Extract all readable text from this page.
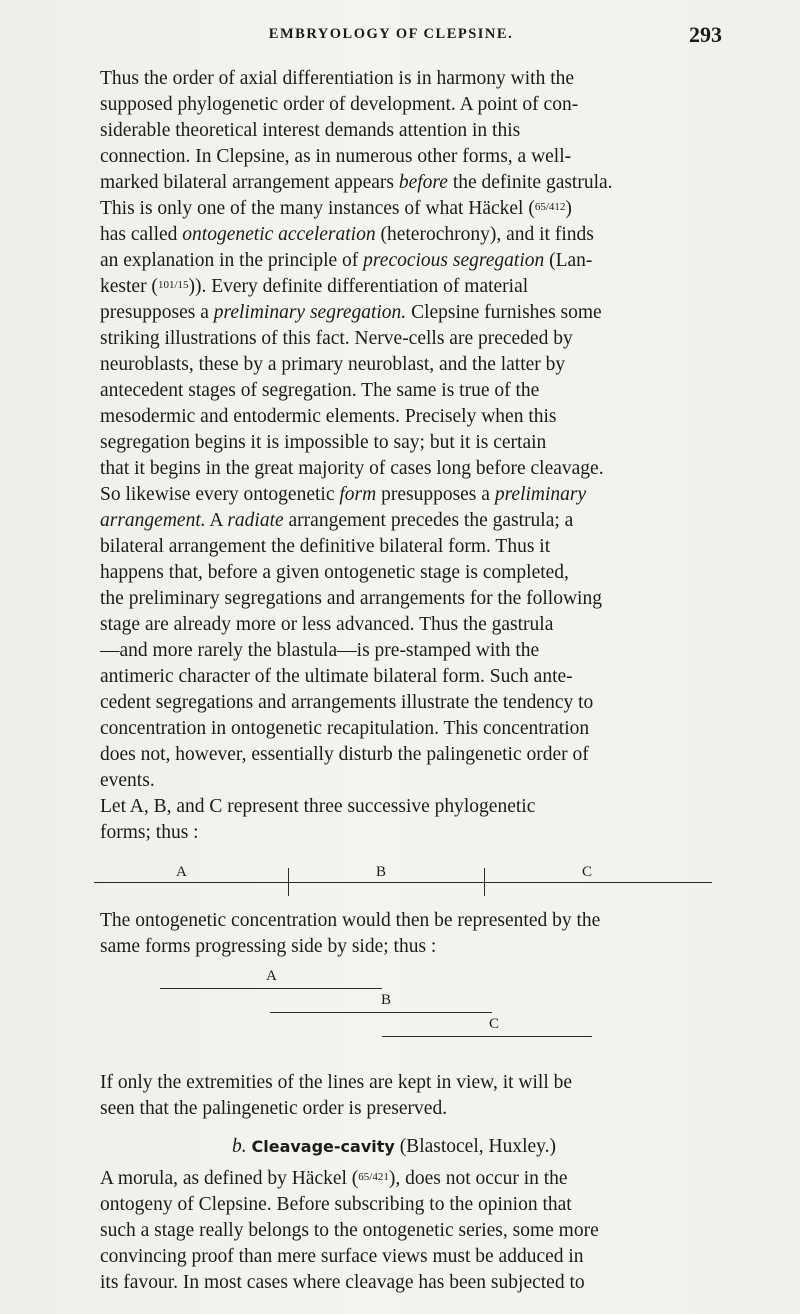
EMBRYOLOGY OF CLEPSINE.	293

Thus the order of axial differentiation is in harmony with the
supposed phylogenetic order of development. A point of con-
siderable theoretical interest demands attention in this
connection. In Clepsine, as in numerous other forms, a well-
marked bilateral arrangement appears before the definite gastrula.
This is only one of the many instances of what Häckel ($^{65/412}$)
has called ontogenetic acceleration (heterochrony), and it finds
an explanation in the principle of precocious segregation (Lan-
kester ($^{101/15}$)). Every definite differentiation of material
presupposes a preliminary segregation. Clepsine furnishes some
striking illustrations of this fact. Nerve-cells are preceded by
neuroblasts, these by a primary neuroblast, and the latter by
antecedent stages of segregation. The same is true of the
mesodermic and entodermic elements. Precisely when this
segregation begins it is impossible to say; but it is certain
that it begins in the great majority of cases long before cleavage.
So likewise every ontogenetic form presupposes a preliminary
arrangement. A radiate arrangement precedes the gastrula; a
bilateral arrangement the definitive bilateral form. Thus it
happens that, before a given ontogenetic stage is completed,
the preliminary segregations and arrangements for the following
stage are already more or less advanced. Thus the gastrula
—and more rarely the blastula—is pre-stamped with the
antimeric character of the ultimate bilateral form. Such ante-
cedent segregations and arrangements illustrate the tendency to
concentration in ontogenetic recapitulation. This concentration
does not, however, essentially disturb the palingenetic order of
events.

Let A, B, and C represent three successive phylogenetic
forms; thus :

A	B	C

The ontogenetic concentration would then be represented by the
same forms progressing side by side; thus :

A
B
C

If only the extremities of the lines are kept in view, it will be
seen that the palingenetic order is preserved.

b. Cleavage-cavity (Blastocel, Huxley.)

A morula, as defined by Häckel ($^{65/421}$), does not occur in the
ontogeny of Clepsine. Before subscribing to the opinion that
such a stage really belongs to the ontogenetic series, some more
convincing proof than mere surface views must be adduced in
its favour. In most cases where cleavage has been subjected to
